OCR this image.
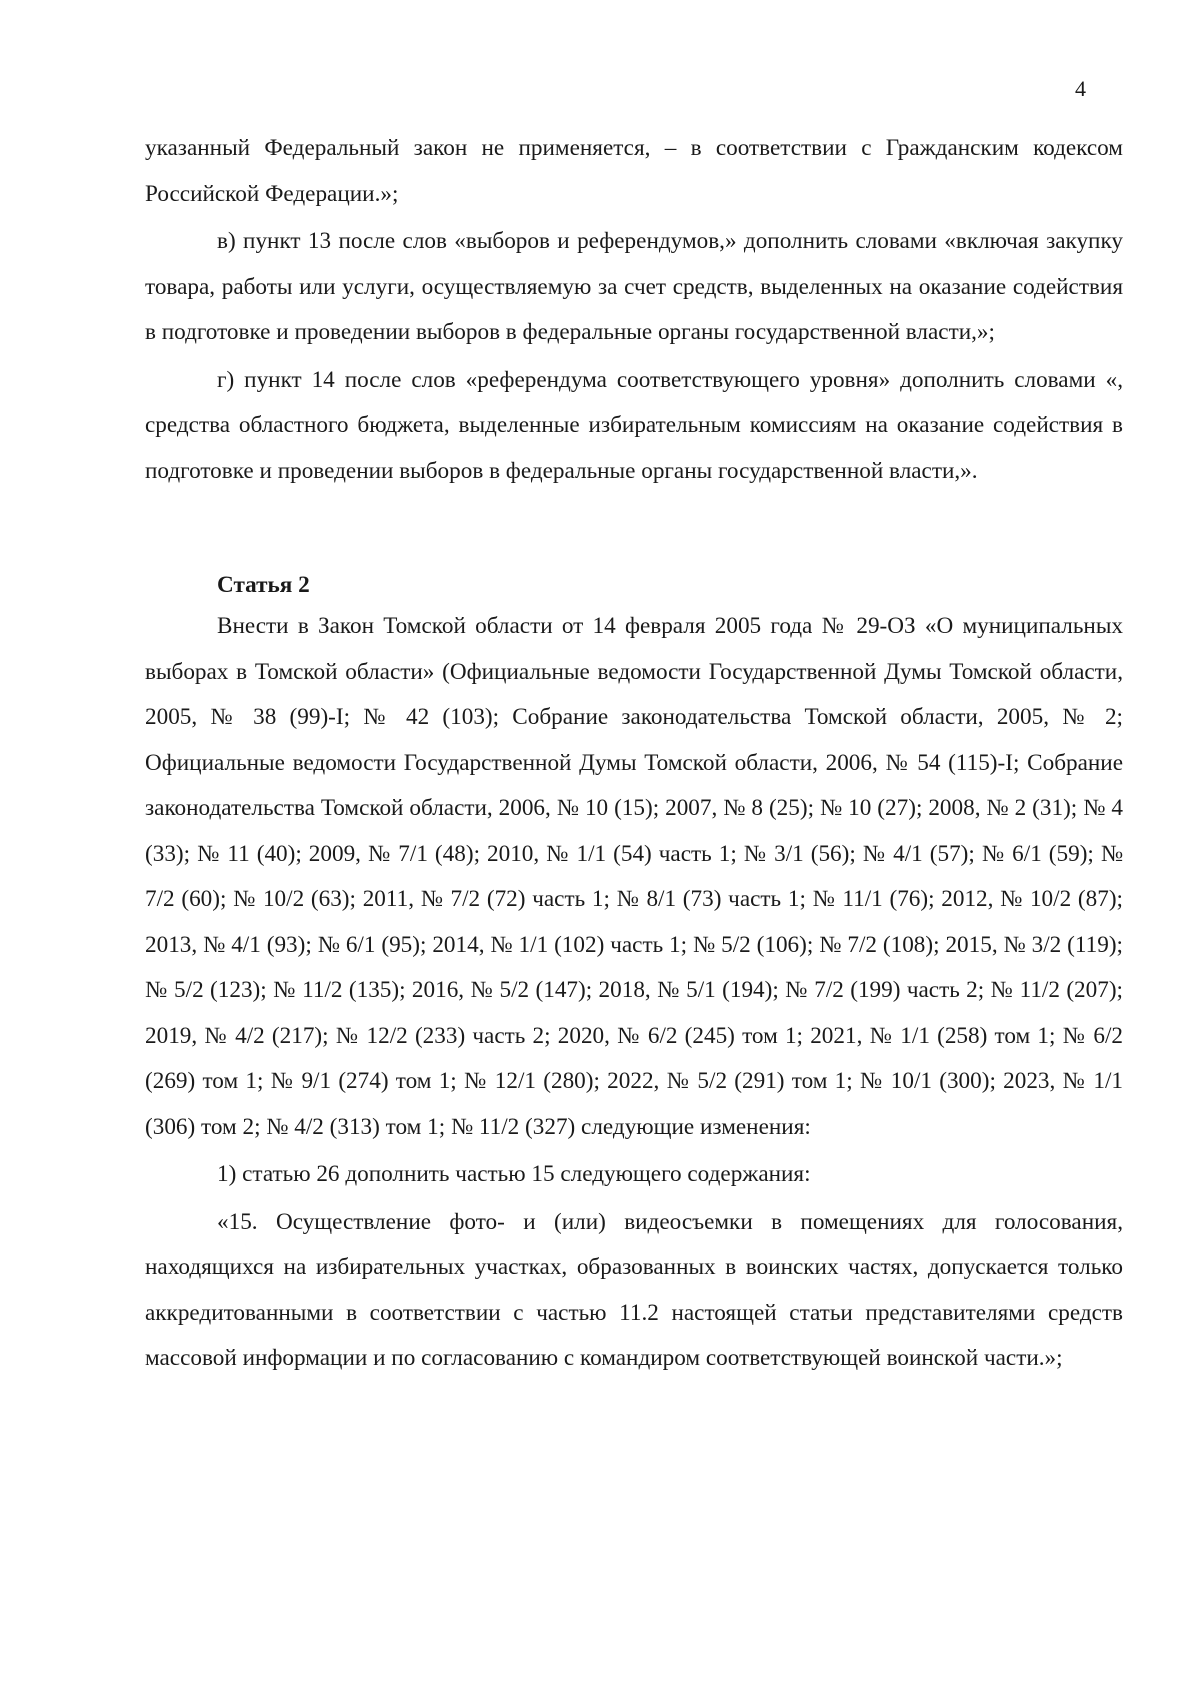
4

указанный Федеральный закон не применяется, – в соответствии с Гражданским кодексом Российской Федерации.»;

в) пункт 13 после слов «выборов и референдумов,» дополнить словами «включая закупку товара, работы или услуги, осуществляемую за счет средств, выделенных на оказание содействия в подготовке и проведении выборов в федеральные органы государственной власти,»;

г) пункт 14 после слов «референдума соответствующего уровня» дополнить словами «, средства областного бюджета, выделенные избирательным комиссиям на оказание содействия в подготовке и проведении выборов в федеральные органы государственной власти,».

Статья 2

Внести в Закон Томской области от 14 февраля 2005 года № 29-ОЗ «О муниципальных выборах в Томской области» (Официальные ведомости Государственной Думы Томской области, 2005, № 38 (99)-I; № 42 (103); Собрание законодательства Томской области, 2005, № 2; Официальные ведомости Государственной Думы Томской области, 2006, № 54 (115)-I; Собрание законодательства Томской области, 2006, № 10 (15); 2007, № 8 (25); № 10 (27); 2008, № 2 (31); № 4 (33); № 11 (40); 2009, № 7/1 (48); 2010, № 1/1 (54) часть 1; № 3/1 (56); № 4/1 (57); № 6/1 (59); № 7/2 (60); № 10/2 (63); 2011, № 7/2 (72) часть 1; № 8/1 (73) часть 1; № 11/1 (76); 2012, № 10/2 (87); 2013, № 4/1 (93); № 6/1 (95); 2014, № 1/1 (102) часть 1; № 5/2 (106); № 7/2 (108); 2015, № 3/2 (119); № 5/2 (123); № 11/2 (135); 2016, № 5/2 (147); 2018, № 5/1 (194); № 7/2 (199) часть 2; № 11/2 (207); 2019, № 4/2 (217); № 12/2 (233) часть 2; 2020, № 6/2 (245) том 1; 2021, № 1/1 (258) том 1; № 6/2 (269) том 1; № 9/1 (274) том 1; № 12/1 (280); 2022, № 5/2 (291) том 1; № 10/1 (300); 2023, № 1/1 (306) том 2; № 4/2 (313) том 1; № 11/2 (327) следующие изменения:

1) статью 26 дополнить частью 15 следующего содержания:

«15. Осуществление фото- и (или) видеосъемки в помещениях для голосования, находящихся на избирательных участках, образованных в воинских частях, допускается только аккредитованными в соответствии с частью 11.2 настоящей статьи представителями средств массовой информации и по согласованию с командиром соответствующей воинской части.»;
